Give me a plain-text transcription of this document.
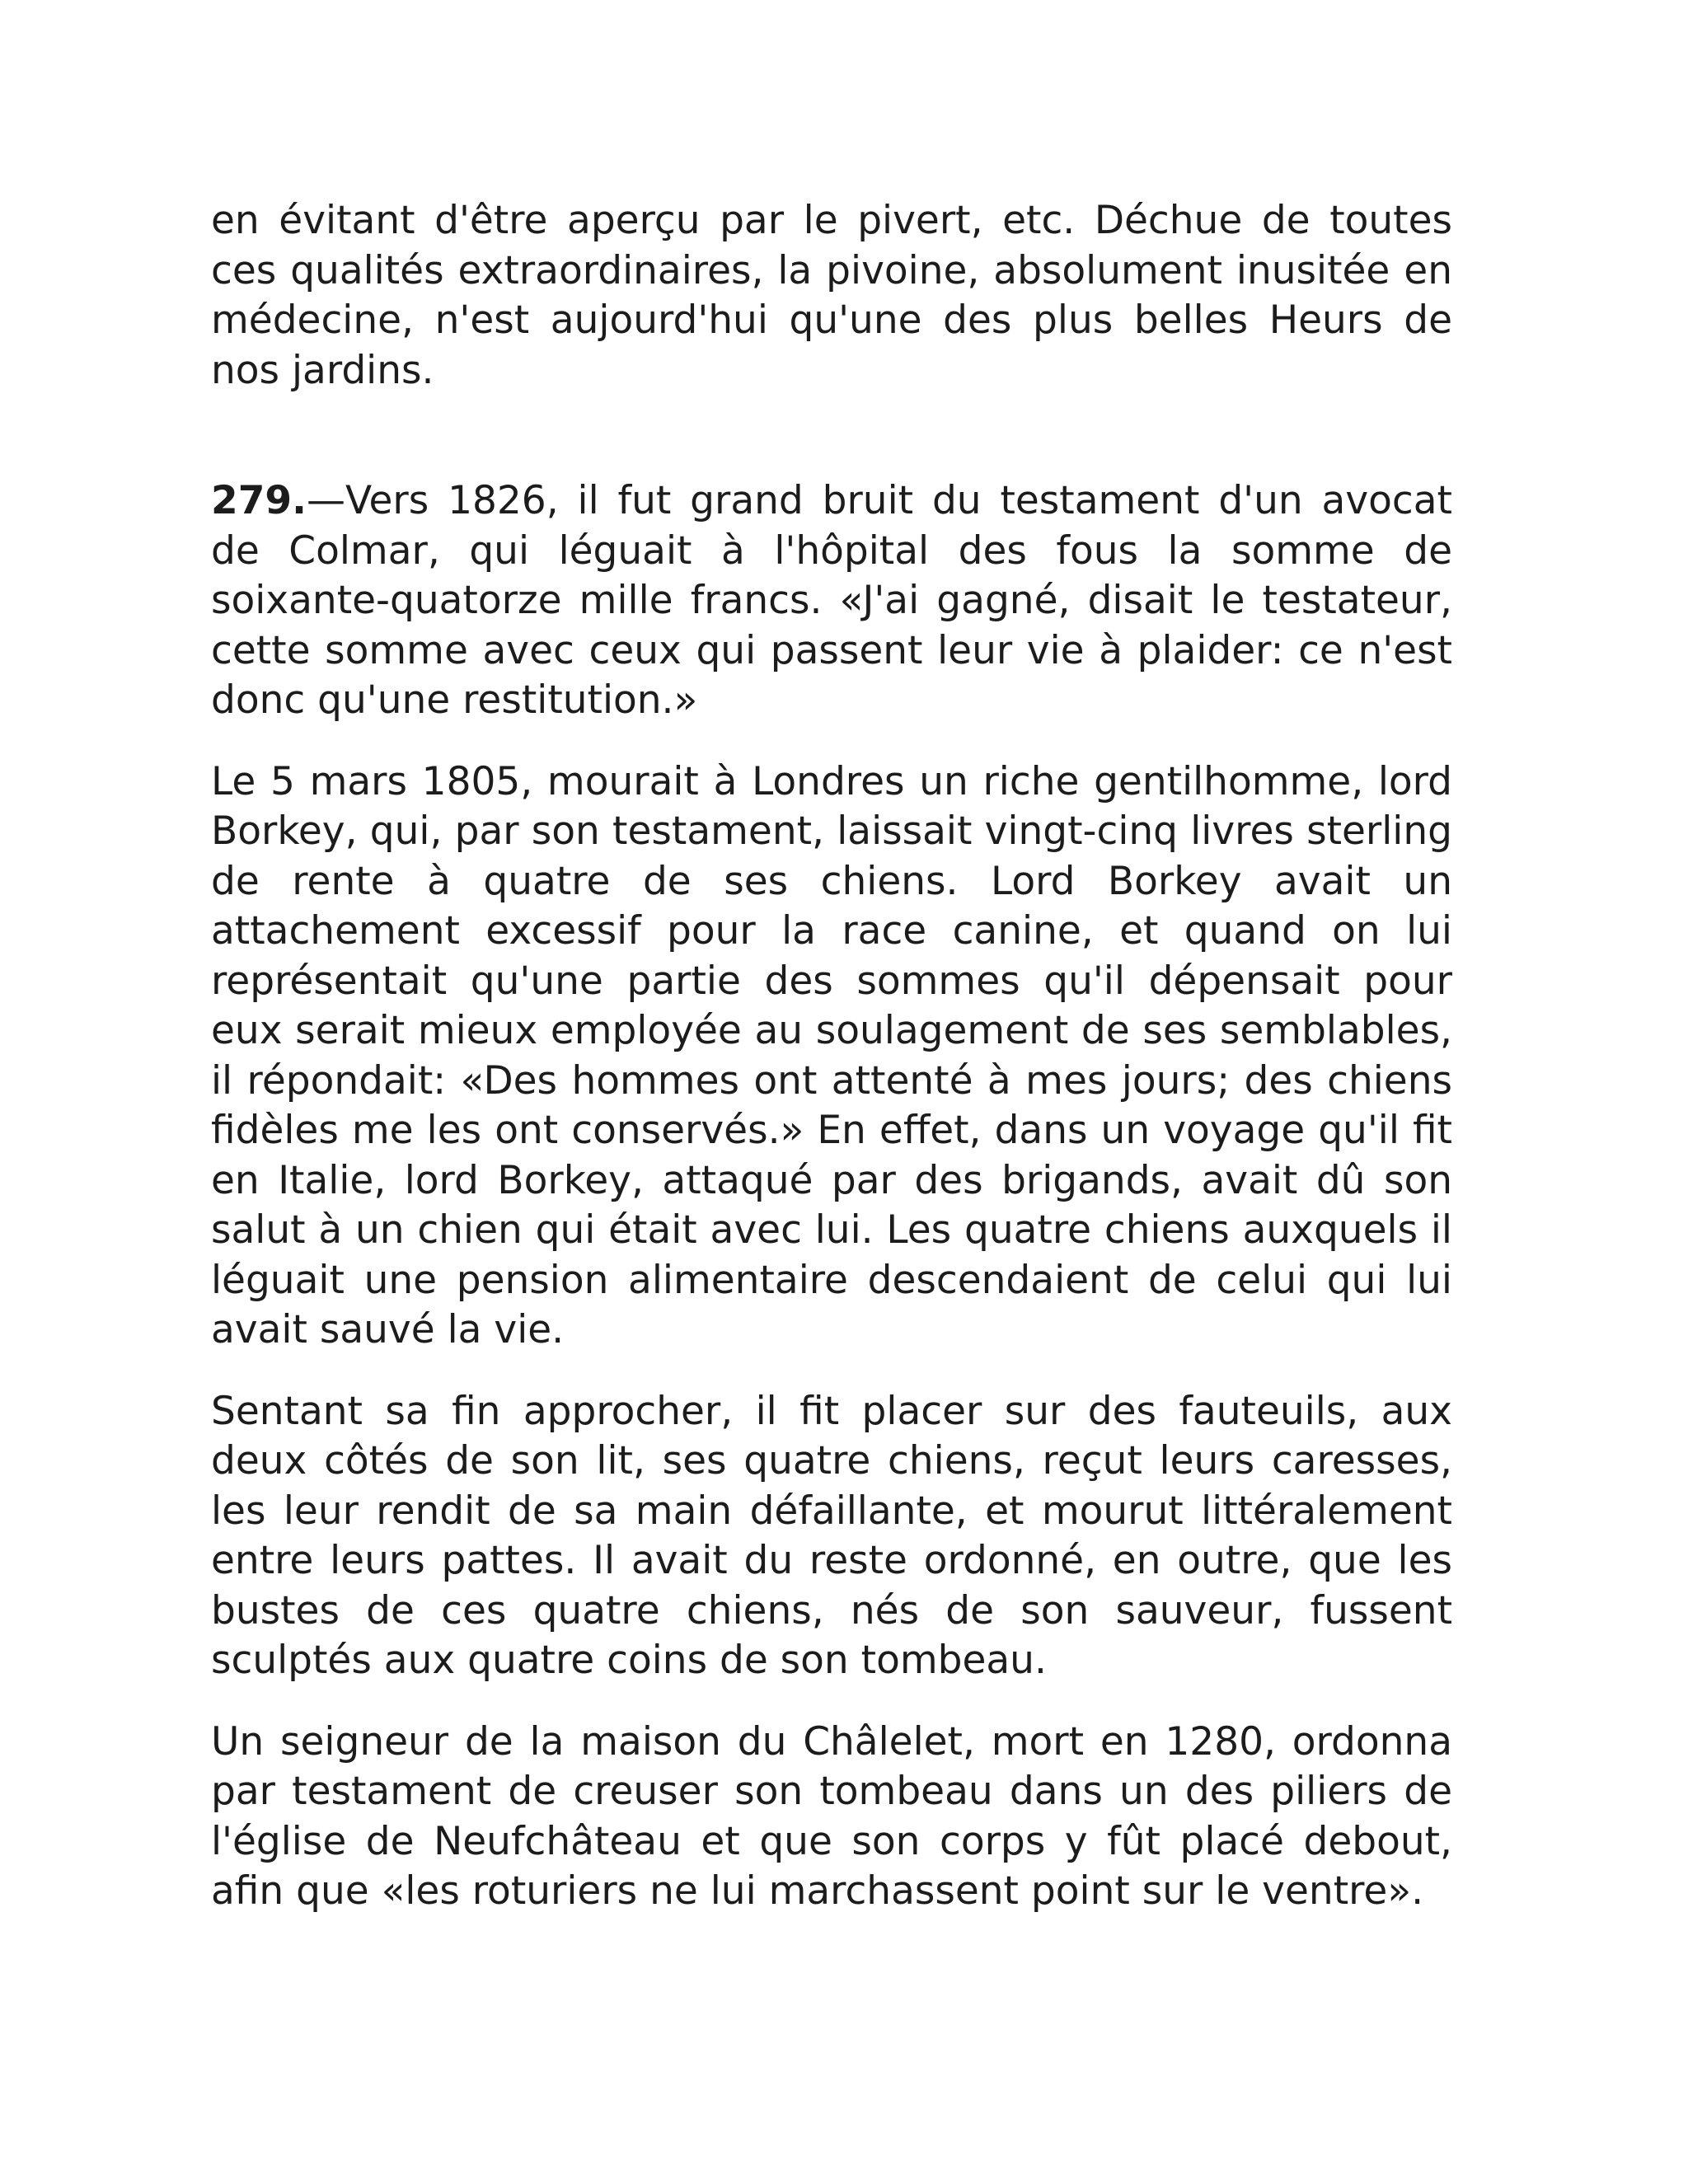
en évitant d'être aperçu par le pivert, etc. Déchue de toutes ces qualités extraordinaires, la pivoine, absolument inusitée en médecine, n'est aujourd'hui qu'une des plus belles Heurs de nos jardins.

279.—Vers 1826, il fut grand bruit du testament d'un avocat de Colmar, qui léguait à l'hôpital des fous la somme de soixante-quatorze mille francs. «J'ai gagné, disait le testateur, cette somme avec ceux qui passent leur vie à plaider: ce n'est donc qu'une restitution.»

Le 5 mars 1805, mourait à Londres un riche gentilhomme, lord Borkey, qui, par son testament, laissait vingt-cinq livres sterling de rente à quatre de ses chiens. Lord Borkey avait un attachement excessif pour la race canine, et quand on lui représentait qu'une partie des sommes qu'il dépensait pour eux serait mieux employée au soulagement de ses semblables, il répondait: «Des hommes ont attenté à mes jours; des chiens fidèles me les ont conservés.» En effet, dans un voyage qu'il fit en Italie, lord Borkey, attaqué par des brigands, avait dû son salut à un chien qui était avec lui. Les quatre chiens auxquels il léguait une pension alimentaire descendaient de celui qui lui avait sauvé la vie.

Sentant sa fin approcher, il fit placer sur des fauteuils, aux deux côtés de son lit, ses quatre chiens, reçut leurs caresses, les leur rendit de sa main défaillante, et mourut littéralement entre leurs pattes. Il avait du reste ordonné, en outre, que les bustes de ces quatre chiens, nés de son sauveur, fussent sculptés aux quatre coins de son tombeau.

Un seigneur de la maison du Châlelet, mort en 1280, ordonna par testament de creuser son tombeau dans un des piliers de l'église de Neufchâteau et que son corps y fût placé debout, afin que «les roturiers ne lui marchassent point sur le ventre».
